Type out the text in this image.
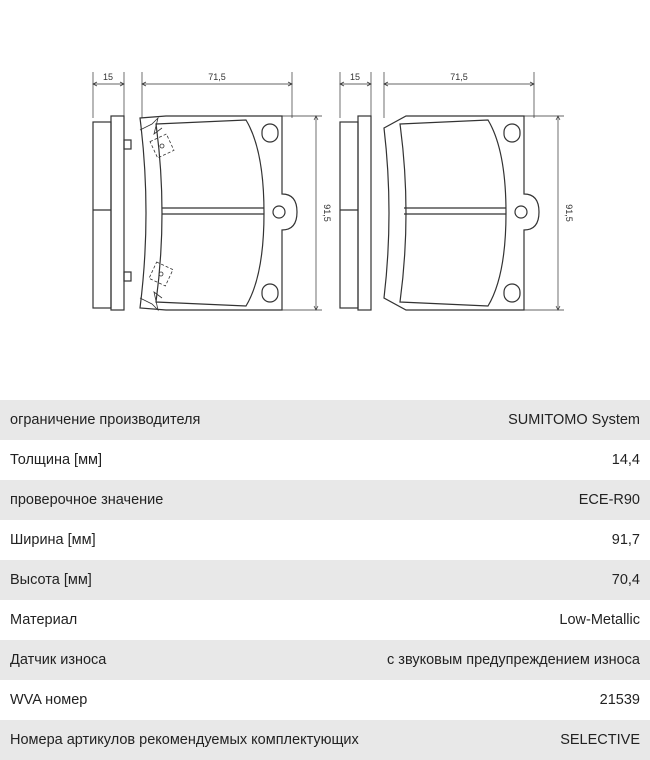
15	71,5
91,5
15	71,5
91,5
ограничение производителя	SUMITOMO System
Толщина [мм]	14,4
проверочное значение	ECE-R90
Ширина [мм]	91,7
Высота [мм]	70,4
Материал	Low-Metallic
Датчик износа	с звуковым предупреждением износа
WVA номер	21539
Номера артикулов рекомендуемых комплектующих	SELECTIVE
